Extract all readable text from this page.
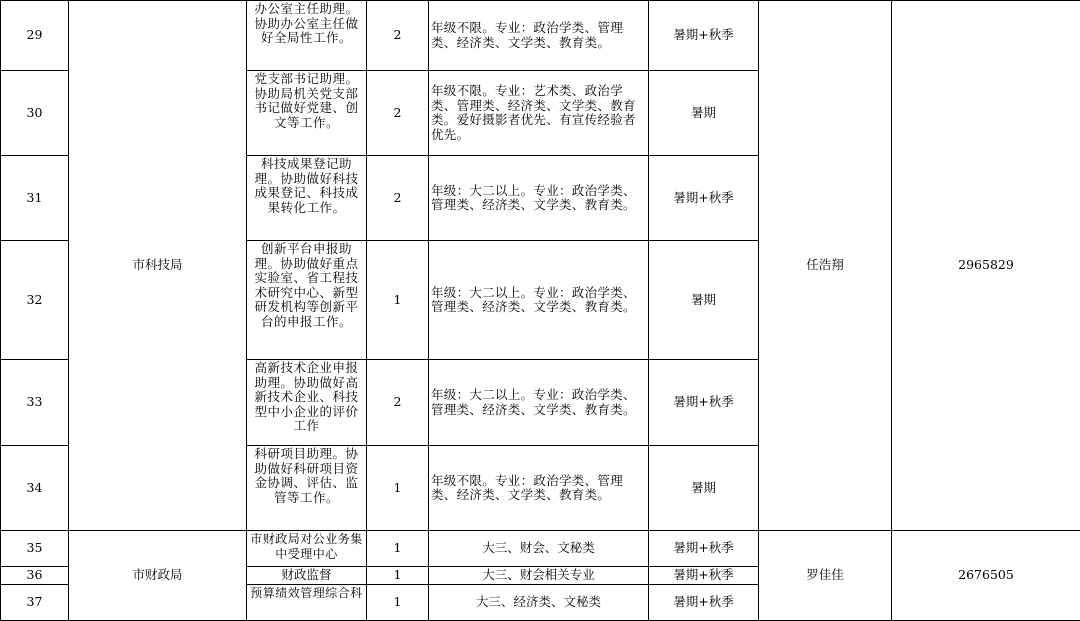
29	市科技局	办公室主任助理。协助办公室主任做好全局性工作。	2	年级不限。专业：政治学类、管理类、经济类、文学类、教育类。	暑期+秋季	任浩翔	2965829
30		党支部书记助理。协助局机关党支部书记做好党建、创文等工作。	2	年级不限。专业：艺术类、政治学类、管理类、经济类、文学类、教育类。爱好摄影者优先、有宣传经验者优先。	暑期		
31		科技成果登记助理。协助做好科技成果登记、科技成果转化工作。	2	年级：大二以上。专业：政治学类、管理类、经济类、文学类、教育类。	暑期+秋季		
32		创新平台申报助理。协助做好重点实验室、省工程技术研究中心、新型研发机构等创新平台的申报工作。	1	年级：大二以上。专业：政治学类、管理类、经济类、文学类、教育类。	暑期		
33		高新技术企业申报助理。协助做好高新技术企业、科技型中小企业的评价工作	2	年级：大二以上。专业：政治学类、管理类、经济类、文学类、教育类。	暑期+秋季		
34		科研项目助理。协助做好科研项目资金协调、评估、监管等工作。	1	年级不限。专业：政治学类、管理类、经济类、文学类、教育类。	暑期		
35	市财政局	市财政局对公业务集中受理中心	1	大三、财会、文秘类	暑期+秋季	罗佳佳	2676505
36		财政监督	1	大三、财会相关专业	暑期+秋季		
37		预算绩效管理综合科	1	大三、经济类、文秘类	暑期+秋季		
